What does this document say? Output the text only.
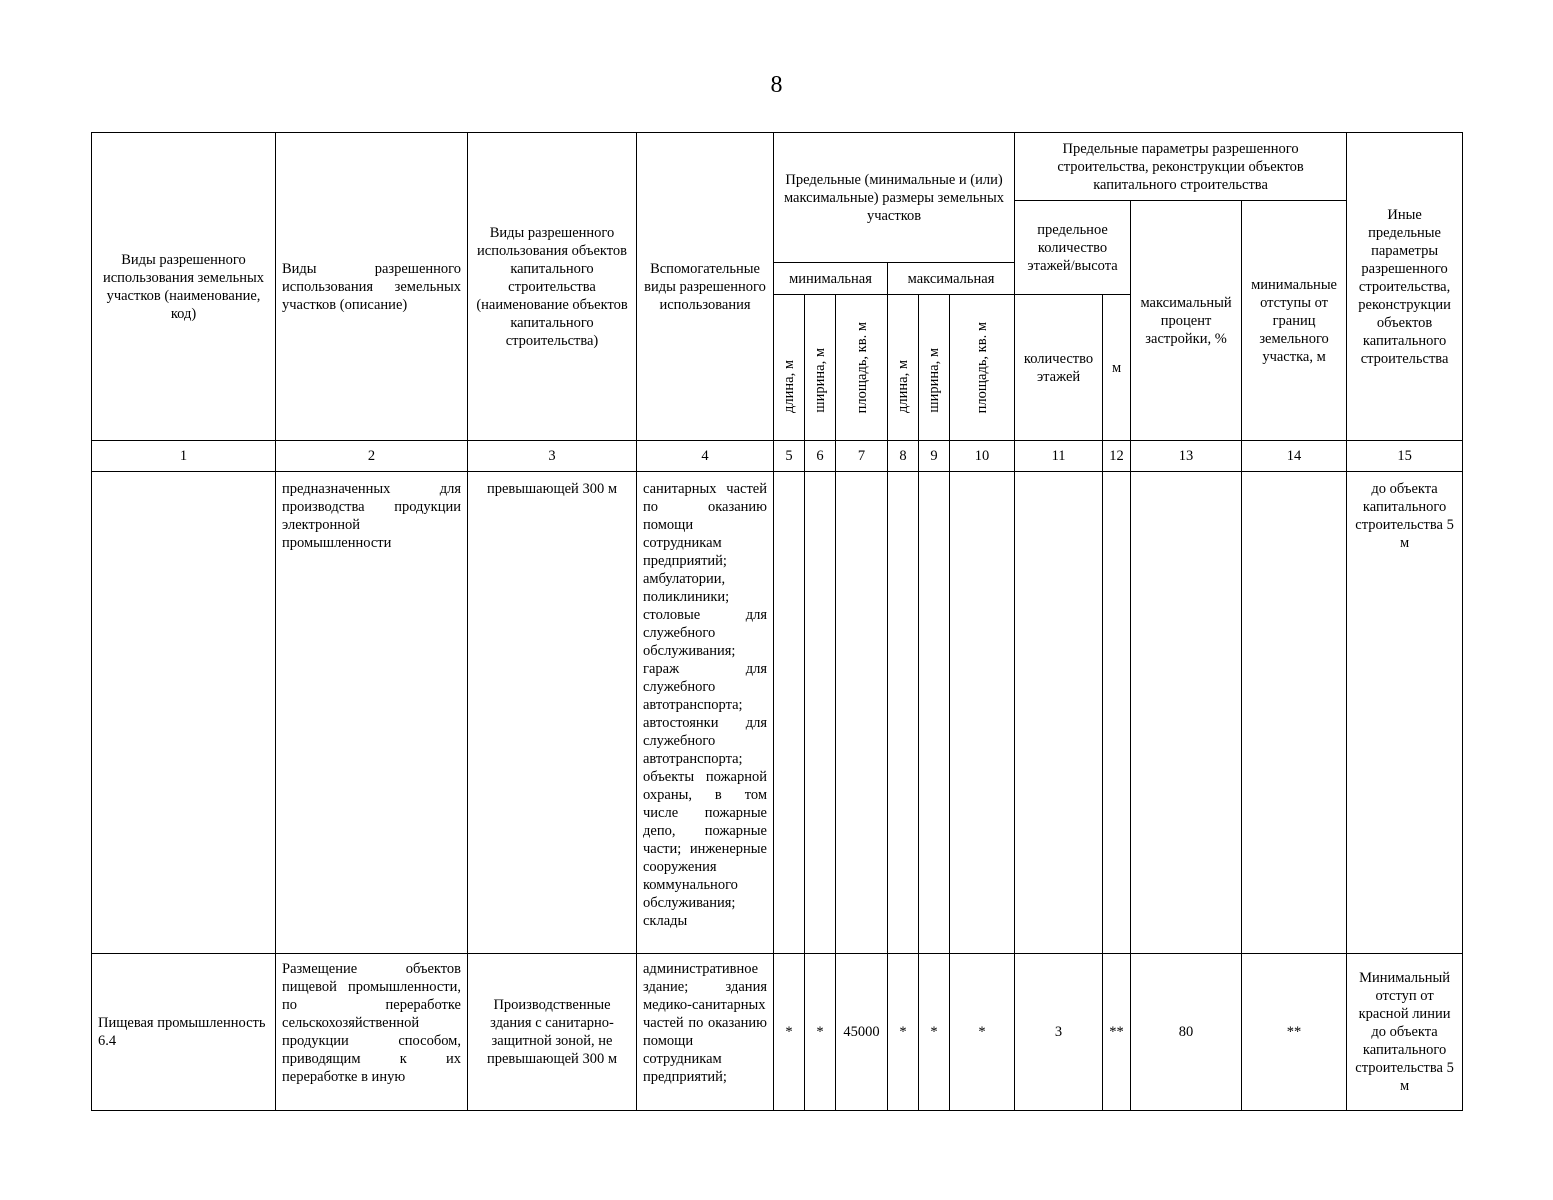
8
Виды разрешенного использования земельных участков (наименование, код)	Виды разрешенного использования земельных участков (описание)	Виды разрешенного использования объектов капитального строительства (наименование объектов капитального строительства)	Вспомогательные виды разрешенного использования	Предельные (минимальные и (или) максимальные) размеры земельных участков						Предельные параметры разрешенного строительства, реконструкции объектов капитального строительства				Иные предельные параметры разрешенного строительства, реконструкции объектов капитального строительства
										предельное количество этажей/высота		максимальный процент застройки, %	минимальные отступы от границ земельного участка, м	
				минимальная			максимальная							
				длина, м	ширина, м	площадь, кв. м	длина, м	ширина, м	площадь, кв. м	количество этажей	м			
1	2	3	4	5	6	7	8	9	10	11	12	13	14	15
	предназначенных для производства продукции электронной промышленности	превышающей 300 м	санитарных частей по оказанию помощи сотрудникам предприятий; амбулатории, поликлиники; столовые для служебного обслуживания; гараж для служебного автотранспорта; автостоянки для служебного автотранспорта; объекты пожарной охраны, в том числе пожарные депо, пожарные части; инженерные сооружения коммунального обслуживания; склады											до объекта капитального строительства 5 м
Пищевая промышленность 6.4	Размещение объектов пищевой промышленности, по переработке сельскохозяйственной продукции способом, приводящим к их переработке в иную	Производственные здания с санитарно-защитной зоной, не превышающей 300 м	административное здание; здания медико-санитарных частей по оказанию помощи сотрудникам предприятий;	*	*	45000	*	*	*	3	**	80	**	Минимальный отступ от красной линии до объекта капитального строительства 5 м
